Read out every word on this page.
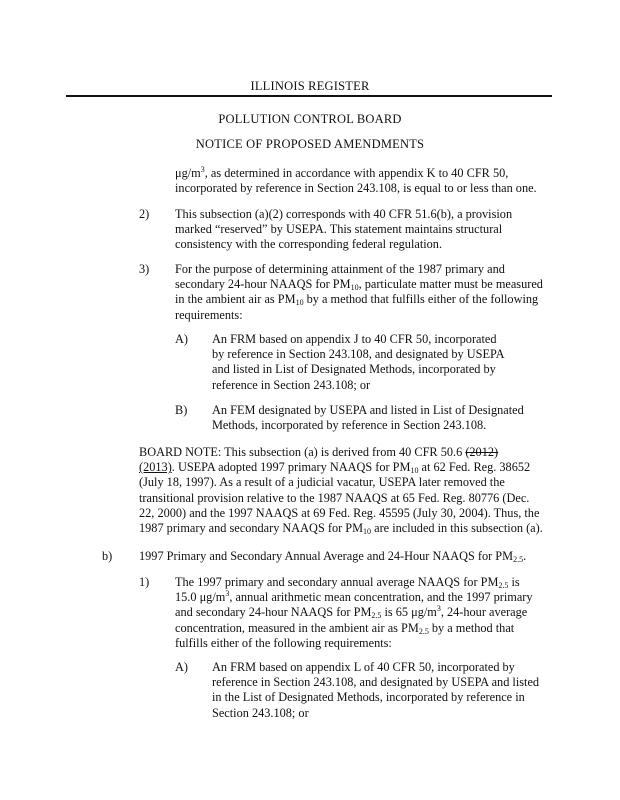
ILLINOIS REGISTER
POLLUTION CONTROL BOARD
NOTICE OF PROPOSED AMENDMENTS

$\mu g/m^3$, as determined in accordance with appendix K to 40 CFR 50,

incorporated by reference in Section 243.108, is equal to or less than one.

2) This subsection (a)(2) corresponds with 40 CFR 51.6(b), a provision

marked “reserved” by USEPA. This statement maintains structural

consistency with the corresponding federal regulation.

3) For the purpose of determining attainment of the 1987 primary and

secondary 24-hour NAAQS for $PM_{10}$, particulate matter must be measured

in the ambient air as $PM_{10}$ by a method that fulfills either of the following

requirements:

A) An FRM based on appendix J to 40 CFR 50, incorporated

by reference in Section 243.108, and designated by USEPA

and listed in List of Designated Methods, incorporated by

reference in Section 243.108; or

B) An FEM designated by USEPA and listed in List of Designated

Methods, incorporated by reference in Section 243.108.

BOARD NOTE: This subsection (a) is derived from 40 CFR 50.6 (2012)

(2013). USEPA adopted 1997 primary NAAQS for $PM_{10}$ at 62 Fed. Reg. 38652

(July 18, 1997). As a result of a judicial vacatur, USEPA later removed the

transitional provision relative to the 1987 NAAQS at 65 Fed. Reg. 80776 (Dec.

22, 2000) and the 1997 NAAQS at 69 Fed. Reg. 45595 (July 30, 2004). Thus, the

1987 primary and secondary NAAQS for $PM_{10}$ are included in this subsection (a).

b) 1997 Primary and Secondary Annual Average and 24-Hour NAAQS for $PM_{2.5}$.

1) The 1997 primary and secondary annual average NAAQS for $PM_{2.5}$ is

15.0 $\mu g/m^3$, annual arithmetic mean concentration, and the 1997 primary

and secondary 24-hour NAAQS for $PM_{2.5}$ is 65 $\mu g/m^3$, 24-hour average

concentration, measured in the ambient air as $PM_{2.5}$ by a method that

fulfills either of the following requirements:

A) An FRM based on appendix L of 40 CFR 50, incorporated by

reference in Section 243.108, and designated by USEPA and listed

in the List of Designated Methods, incorporated by reference in

Section 243.108; or
